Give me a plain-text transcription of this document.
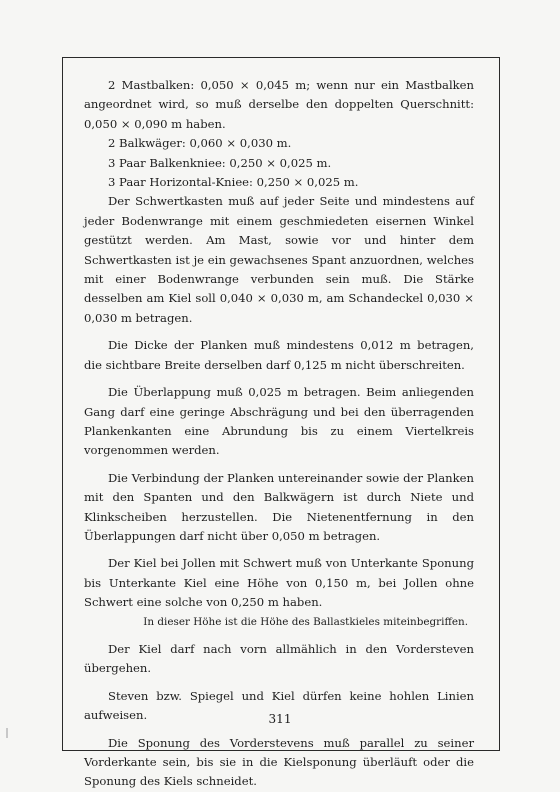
2 Mastbalken: 0,050 × 0,045 m; wenn nur ein Mastbalken angeordnet wird, so muß derselbe den doppelten Querschnitt: 0,050 × 0,090 m haben.

2 Balkwäger: 0,060 × 0,030 m.

3 Paar Balkenkniee: 0,250 × 0,025 m.

3 Paar Horizontal-Kniee: 0,250 × 0,025 m.

Der Schwertkasten muß auf jeder Seite und mindestens auf jeder Bodenwrange mit einem geschmiedeten eisernen Winkel gestützt werden. Am Mast, sowie vor und hinter dem Schwertkasten ist je ein gewachsenes Spant anzuordnen, welches mit einer Bodenwrange verbunden sein muß. Die Stärke desselben am Kiel soll 0,040 × 0,030 m, am Schandeckel 0,030 × 0,030 m betragen.

Die Dicke der Planken muß mindestens 0,012 m betragen, die sichtbare Breite derselben darf 0,125 m nicht überschreiten.

Die Überlappung muß 0,025 m betragen. Beim anliegenden Gang darf eine geringe Abschrägung und bei den überragenden Plankenkanten eine Abrundung bis zu einem Viertelkreis vorgenommen werden.

Die Verbindung der Planken untereinander sowie der Planken mit den Spanten und den Balkwägern ist durch Niete und Klinkscheiben herzustellen. Die Nietenentfernung in den Überlappungen darf nicht über 0,050 m betragen.

Der Kiel bei Jollen mit Schwert muß von Unterkante Sponung bis Unterkante Kiel eine Höhe von 0,150 m, bei Jollen ohne Schwert eine solche von 0,250 m haben.

In dieser Höhe ist die Höhe des Ballastkieles miteinbegriffen.

Der Kiel darf nach vorn allmählich in den Vordersteven übergehen.

Steven bzw. Spiegel und Kiel dürfen keine hohlen Linien aufweisen.

Die Sponung des Vorderstevens muß parallel zu seiner Vorderkante sein, bis sie in die Kielsponung überläuft oder die Sponung des Kiels schneidet.

311
